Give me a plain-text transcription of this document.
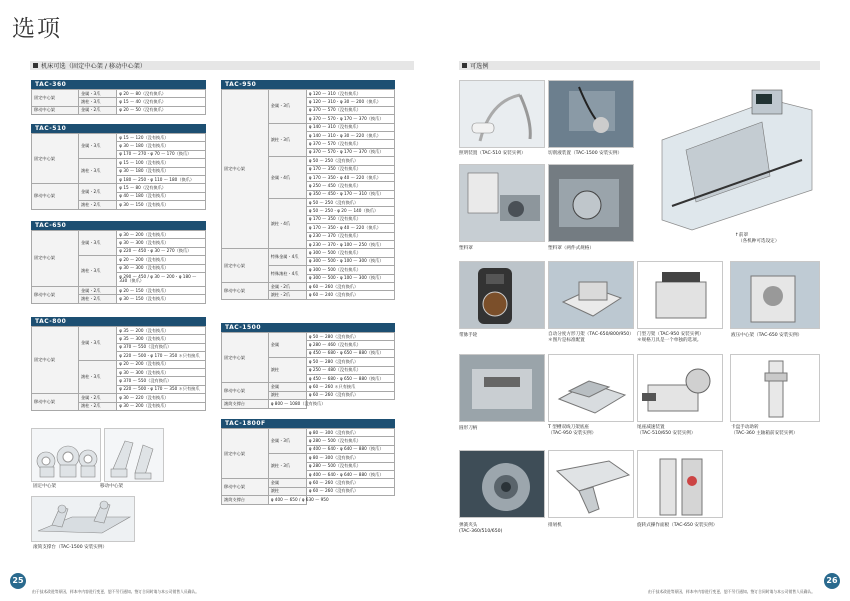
选项
机床可选（固定中心架 / 移动中心架）	可选例
TAC-360
固定中心架	金属・3爪	φ 20 ～ 80（没有换爪）
	滚柱・3爪	φ 15 ～ 40（没有换爪）
移动中心架	金属・2爪	φ 20 ～ 50（没有换爪）
TAC-510
固定中心架	金属・3爪	φ 15 ～ 120（没有换爪）
		φ 30 ～ 180（没有换爪）
		φ 170 ～ 270・φ 70 ～ 170（换爪）
	滚柱・3爪	φ 15 ～ 100（没有换爪）
		φ 30 ～ 180（没有换爪）
		φ 180 ～ 250・φ 110 ～ 180（换爪）
移动中心架	金属・2爪	φ 15 ～ 80（没有换爪）
		φ 40 ～ 180（没有换爪）
	滚柱・2爪	φ 30 ～ 150（没有换爪）
TAC-650
固定中心架	金属・3爪	φ 30 ～ 200（没有换爪）
		φ 30 ～ 300（没有换爪）
		φ 220 ～ 450・φ 30 ～ 270（换爪）
	滚柱・3爪	φ 20 ～ 200（没有换爪）
		φ 30 ～ 300（没有换爪）
		φ 290 ～ 450 / φ 30 ～ 200・φ 180 ～ 330（换爪）
移动中心架	金属・2爪	φ 20 ～ 150（没有换爪）
	滚柱・2爪	φ 30 ～ 150（没有换爪）
TAC-800
固定中心架	金属・3爪	φ 35 ～ 200（没有换爪）
		φ 35 ～ 300（没有换爪）
		φ 370 ～ 550（没有换爪）
		φ 220 ～ 500・φ 170 ～ 350 ＊只有接爪
	滚柱・3爪	φ 20 ～ 200（没有换爪）
		φ 30 ～ 300（没有换爪）
		φ 370 ～ 550（没有换爪）
		φ 220 ～ 500・φ 170 ～ 350 ＊只有接爪
移动中心架	金属・2爪	φ 30 ～ 220（没有换爪）
	滚柱・2爪	φ 30 ～ 200（没有换爪）
TAC-950
固定中心架	金属・3爪	φ 120 ～ 310（没有换爪）
		φ 120 ～ 310・φ 30 ～ 200（换爪）
		φ 370 ～ 570（没有换爪）
		φ 370 ～ 570・φ 170 ～ 370（换爪）
	滚柱・3爪	φ 140 ～ 310（没有换爪）
		φ 140 ～ 310・φ 30 ～ 220（换爪）
		φ 370 ～ 570（没有换爪）
		φ 370 ～ 570・φ 170 ～ 370（换爪）
	金属・4爪	φ 50 ～ 250（没有换爪）
		φ 170 ～ 350（没有换爪）
		φ 170 ～ 350・φ 40 ～ 220（换爪）
		φ 250 ～ 450（没有换爪）
		φ 350 ～ 450・φ 170 ～ 310（换爪）
	滚柱・4爪	φ 50 ～ 250（没有换爪）
		φ 50 ～ 250・φ 20 ～ 140（换爪）
		φ 170 ～ 350（没有换爪）
		φ 170 ～ 350・φ 40 ～ 220（换爪）
		φ 230 ～ 370（没有换爪）
		φ 230 ～ 370・φ 100 ～ 250（换爪）
固定中心架	特殊金属・4爪	φ 300 ～ 500（没有换爪）
		φ 300 ～ 500・φ 100 ～ 300（换爪）
	特殊滚柱・4爪	φ 300 ～ 500（没有换爪）
		φ 300 ～ 500・φ 100 ～ 300（换爪）
移动中心架	金属・2爪	φ 60 ～ 260（没有换爪）
	滚柱・2爪	φ 60 ～ 240（没有换爪）
TAC-1500
固定中心架	金属	φ 50 ～ 280（没有换爪）
		φ 280 ～ 460（没有换爪）
		φ 450 ～ 680・φ 650 ～ 880（换爪）
	滚柱	φ 50 ～ 280（没有换爪）
		φ 250 ～ 480（没有换爪）
		φ 450 ～ 680・φ 650 ～ 880（换爪）
移动中心架	金属	φ 60 ～ 260 ＊只有接爪
	滚柱	φ 60 ～ 260（没有换爪）
滚筒支撑台	φ 800 ～ 1080（没有换爪）	
TAC-1800F
固定中心架	金属・3爪	φ 80 ～ 300（没有换爪）
		φ 280 ～ 500（没有换爪）
		φ 400 ～ 640・φ 640 ～ 880（换爪）
	滚柱・3爪	φ 80 ～ 300（没有换爪）
		φ 280 ～ 500（没有换爪）
		φ 400 ～ 640・φ 640 ～ 880（换爪）
移动中心架	金属	φ 60 ～ 260（没有换爪）
	滚柱	φ 60 ～ 260（没有换爪）
滚筒支撑台	φ 400 ～ 650 / φ 630 ～ 950	
固定中心架	移动中心架
滚筒支撑台（TAC-1500 安装实例）
照明装置（TAC-510 安装实例）	切削液装置（TAC-1500 安装实例）
塑料罩	塑料罩（两件式规格）
↑前罩
（各机种可选设定）
带脉手轮	自动分度方形刀架（TAC-650/800/950）
＊图片是标准配置
门型刀架（TAC-950 安装实例）
＊规格刀具是一个单独的选项。
液压中心架（TAC-650 安装实例）
圆形刀柄	T 型槽双线刀架底座
（TAC-950 安装实例）
尾座减速装置
（TAC-510/650 安装实例）
卡盘手动助转
（TAC-360 主轴箱前安装实例）
弹簧夹头
(TAC-360/510/650)
排屑机	旋转式操作面板（TAC-650 安装实例）
25	26
由于技术改进等原因，样本中内容进行变更，恕不另行通知。签订合同时请与本公司销售人员确认。	由于技术改进等原因，样本中内容进行变更，恕不另行通知。签订合同时请与本公司销售人员确认。
